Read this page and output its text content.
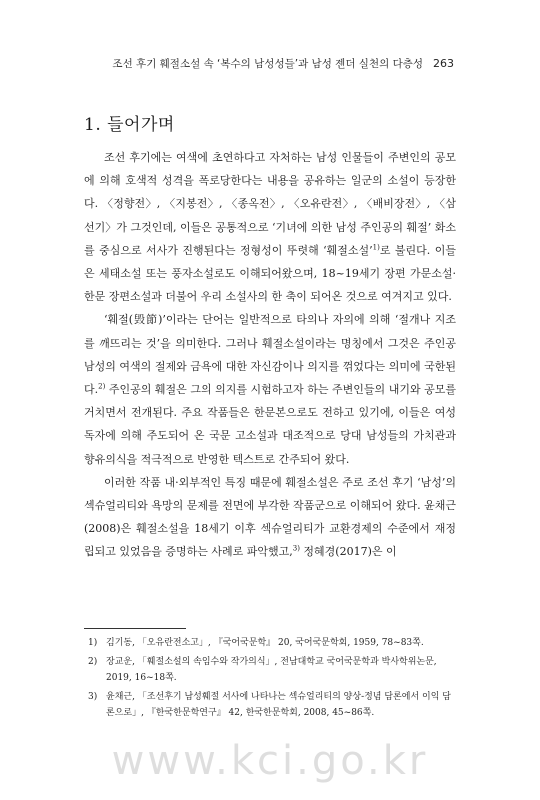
조선 후기 훼절소설 속 ‘복수의 남성성들’과 남성 젠더 실천의 다층성 263
1. 들어가며

조선 후기에는 여색에 초연하다고 자처하는 남성 인물들이 주변인의 공모에 의해 호색적 성격을 폭로당한다는 내용을 공유하는 일군의 소설이 등장한다. 〈정향전〉, 〈지봉전〉, 〈종옥전〉, 〈오유란전〉, 〈배비장전〉, 〈삼선기〉가 그것인데, 이들은 공통적으로 ‘기녀에 의한 남성 주인공의 훼절’ 화소를 중심으로 서사가 진행된다는 정형성이 뚜렷해 ‘훼절소설’$^{1)}$로 불린다. 이들은 세태소설 또는 풍자소설로도 이해되어왔으며, 18~19세기 장편 가문소설·한문 장편소설과 더불어 우리 소설사의 한 축이 되어온 것으로 여겨지고 있다.

‘훼절(毁節)’이라는 단어는 일반적으로 타의나 자의에 의해 ‘절개나 지조를 깨뜨리는 것’을 의미한다. 그러나 훼절소설이라는 명칭에서 그것은 주인공 남성의 여색의 절제와 금욕에 대한 자신감이나 의지를 꺾었다는 의미에 국한된다.$^{2)}$ 주인공의 훼절은 그의 의지를 시험하고자 하는 주변인들의 내기와 공모를 거치면서 전개된다. 주요 작품들은 한문본으로도 전하고 있기에, 이들은 여성 독자에 의해 주도되어 온 국문 고소설과 대조적으로 당대 남성들의 가치관과 향유의식을 적극적으로 반영한 텍스트로 간주되어 왔다.

이러한 작품 내·외부적인 특징 때문에 훼절소설은 주로 조선 후기 ‘남성’의 섹슈얼리티와 욕망의 문제를 전면에 부각한 작품군으로 이해되어 왔다. 윤채근(2008)은 훼절소설을 18세기 이후 섹슈얼리티가 교환경제의 수준에서 재정립되고 있었음을 증명하는 사례로 파악했고,$^{3)}$ 정혜경(2017)은 이

1) 김기동, 「오유란전소고」, 『국어국문학』 20, 국어국문학회, 1959, 78~83쪽.
2) 장교운, 「훼절소설의 속임수와 작가의식」, 전남대학교 국어국문학과 박사학위논문, 2019, 16~18쪽.
3) 윤채근, 「조선후기 남성훼절 서사에 나타나는 섹슈얼리티의 양상-정념 담론에서 이익 담론으로」, 『한국한문학연구』 42, 한국한문학회, 2008, 45~86쪽.
www.kci.go.kr
